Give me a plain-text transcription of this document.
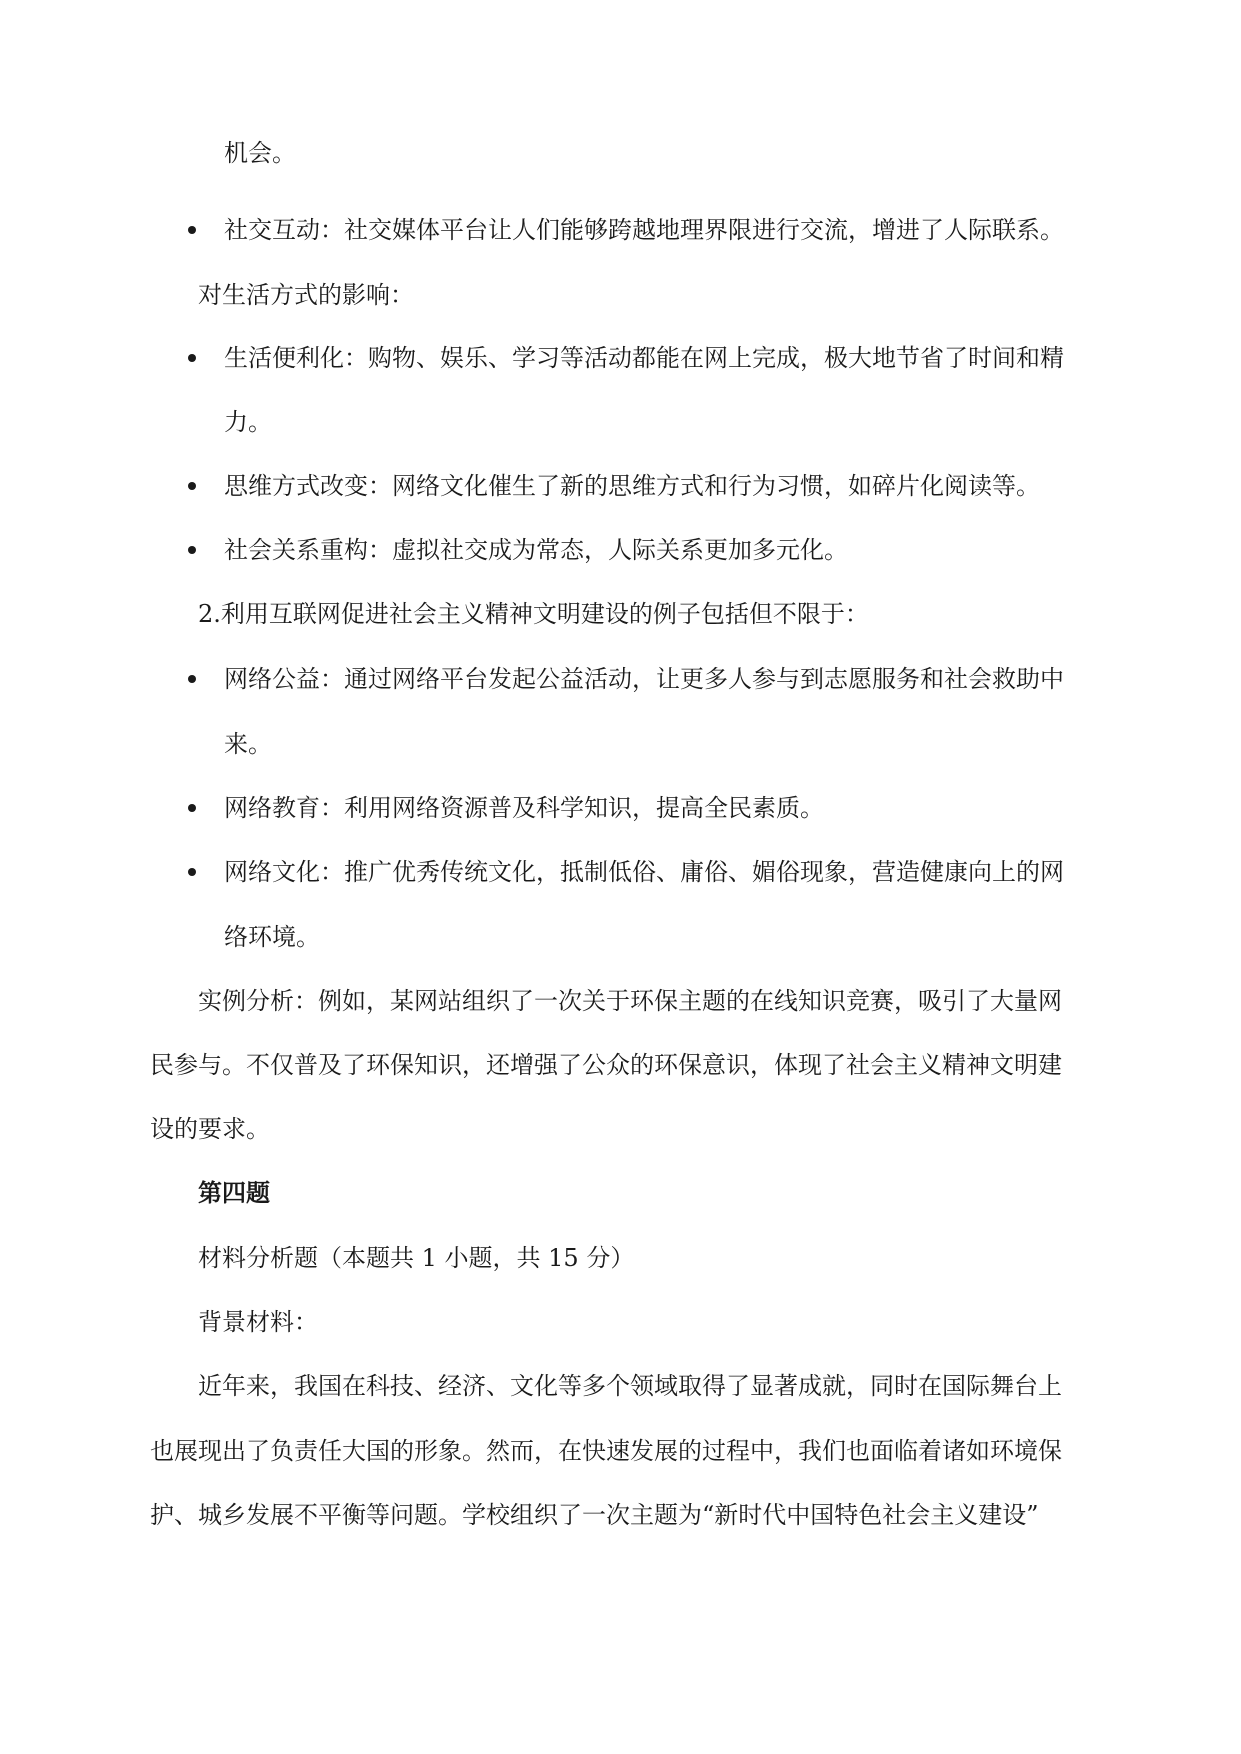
机会。
社交互动：社交媒体平台让人们能够跨越地理界限进行交流，增进了人际联系。
对生活方式的影响：
生活便利化：购物、娱乐、学习等活动都能在网上完成，极大地节省了时间和精
力。
思维方式改变：网络文化催生了新的思维方式和行为习惯，如碎片化阅读等。
社会关系重构：虚拟社交成为常态，人际关系更加多元化。
2.利用互联网促进社会主义精神文明建设的例子包括但不限于：
网络公益：通过网络平台发起公益活动，让更多人参与到志愿服务和社会救助中
来。
网络教育：利用网络资源普及科学知识，提高全民素质。
网络文化：推广优秀传统文化，抵制低俗、庸俗、媚俗现象，营造健康向上的网
络环境。
实例分析：例如，某网站组织了一次关于环保主题的在线知识竞赛，吸引了大量网
民参与。不仅普及了环保知识，还增强了公众的环保意识，体现了社会主义精神文明建
设的要求。
第四题
材料分析题（本题共 1 小题，共 15 分）
背景材料：
近年来，我国在科技、经济、文化等多个领域取得了显著成就，同时在国际舞台上
也展现出了负责任大国的形象。然而，在快速发展的过程中，我们也面临着诸如环境保
护、城乡发展不平衡等问题。学校组织了一次主题为“新时代中国特色社会主义建设”
